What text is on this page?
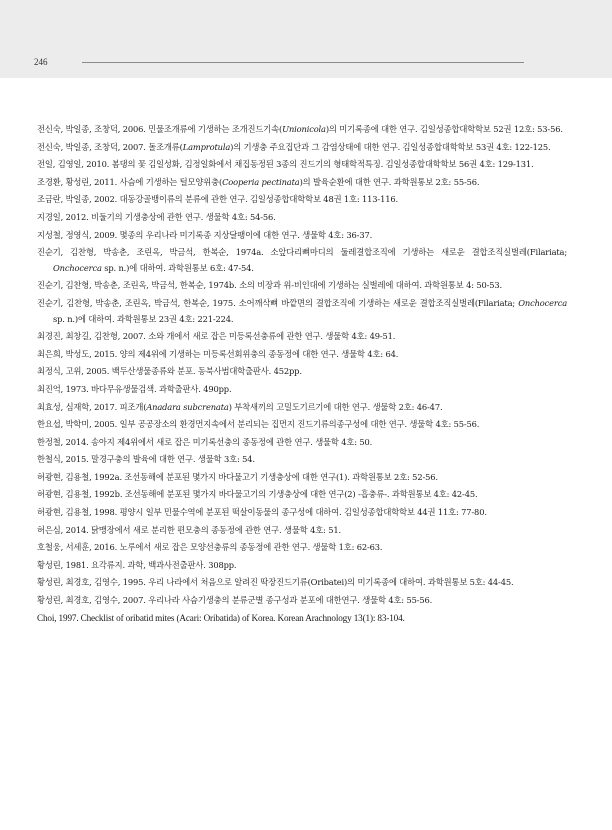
246
전신숙, 박일종, 조창덕, 2006. 민물조개류에 기생하는 조개진드기속(Unionicola)의 미기록종에 대한 연구. 김일성종합대학학보 52권 12호: 53-56.
전신숙, 박일종, 조창덕, 2007. 돌조개류(Lamprotula)의 기생충 주요집단과 그 감염상태에 대한 연구. 김일성종합대학학보 53권 4호: 122-125.
전일, 김영일, 2010. 봄댕의 꽃 김일성화, 김정일화에서 채집동정된 3종의 진드기의 형태학적특징. 김일성종합대학학보 56권 4호: 129-131.
조경환, 황성린, 2011. 사슴에 기생하는 털모양위충(Cooperia pectinata)의 발육순환에 대한 연구. 과학원통보 2호: 55-56.
조금란, 박일종, 2002. 대동강골뱅이류의 분류에 관한 연구. 김일성종합대학학보 48권 1호: 113-116.
지경일, 2012. 비둘기의 기생충상에 관한 연구. 생물학 4호: 54-56.
지성철, 정영식, 2009. 몇종의 우리나라 미기록종 지상달팽이에 대한 연구. 생물학 4호: 36-37.
진순기, 김찬형, 박송춘, 조린옥, 박금석, 한복순, 1974a. 소앞다리뼈마디의 둘레결합조직에 기생하는 새로운 결합조직실벌레(Filariata; Onchocerca sp. n.)에 대하여. 과학원통보 6호: 47-54.
진순기, 김찬형, 박송춘, 조린옥, 박금석, 한복순, 1974b. 소의 비장과 위-비인대에 기생하는 실벌레에 대하여. 과학원통보 4: 50-53.
진순기, 김찬형, 박송춘, 조린옥, 박금석, 한복순, 1975. 소어깨삭뼈 바깥면의 결합조직에 기생하는 새로운 결합조직실벌레(Filariata; Onchocerca sp. n.)에 대하여. 과학원통보 23권 4호: 221-224.
최경진, 최창길, 김찬형, 2007. 소와 개에서 새로 잡은 미등록선충류에 관한 연구. 생물학 4호: 49-51.
최은희, 박성도, 2015. 양의 제4위에 기생하는 미등록선회위충의 종동정에 대한 연구. 생물학 4호: 64.
최정식, 고위, 2005. 백두산생물종류와 분포. 동북사범대학출판사. 452pp.
최진억, 1973. 바다무유생물검색. 과학출판사. 490pp.
최효성, 심재학, 2017. 피조개(Anadara subcrenata) 부착새끼의 고밀도기르기에 대한 연구. 생물학 2호: 46-47.
한요섭, 박학미, 2005. 일부 공공장소의 환경먼지속에서 분리되는 집먼지 진드기류의종구성에 대한 연구. 생물학 4호: 55-56.
한정철, 2014. 송아지 제4위에서 새로 잡은 미기록선충의 종동정에 관한 연구. 생물학 4호: 50.
한철식, 2015. 말경구충의 발육에 대한 연구. 생물학 3호: 54.
허광현, 김용철, 1992a. 조선동해에 분포된 몇가지 바다물고기 기생충상에 대한 연구(1). 과학원통보 2호: 52-56.
허광현, 김용철, 1992b. 조선동해에 분포된 몇가지 바다물고기의 기생충상에 대한 연구(2) -흡충류-. 과학원통보 4호: 42-45.
허광현, 김용철, 1998. 평양시 일부 민물수역에 분포된 떡살이동물의 종구성에 대하여. 김일성종합대학학보 44권 11호: 77-80.
허은심, 2014. 닭맹장에서 새로 분리한 편모충의 종동정에 관한 연구. 생물학 4호: 51.
호철웅, 서세훈, 2016. 노루에서 새로 잡은 모양선충류의 종동정에 관한 연구. 생물학 1호: 62-63.
황성린, 1981. 요각류지. 과학, 백과사전출판사. 308pp.
황성린, 최경호, 김영수, 1995. 우리 나라에서 처음으로 알려진 딱장진드기류(Oribatei)의 미기록종에 대하여. 과학원통보 5호: 44-45.
황성린, 최경호, 김영수, 2007. 우리나라 사슴기생충의 분류군별 종구성과 분포에 대한연구. 생물학 4호: 55-56.
Choi, 1997. Checklist of oribatid mites (Acari: Oribatida) of Korea. Korean Arachnology 13(1): 83-104.
